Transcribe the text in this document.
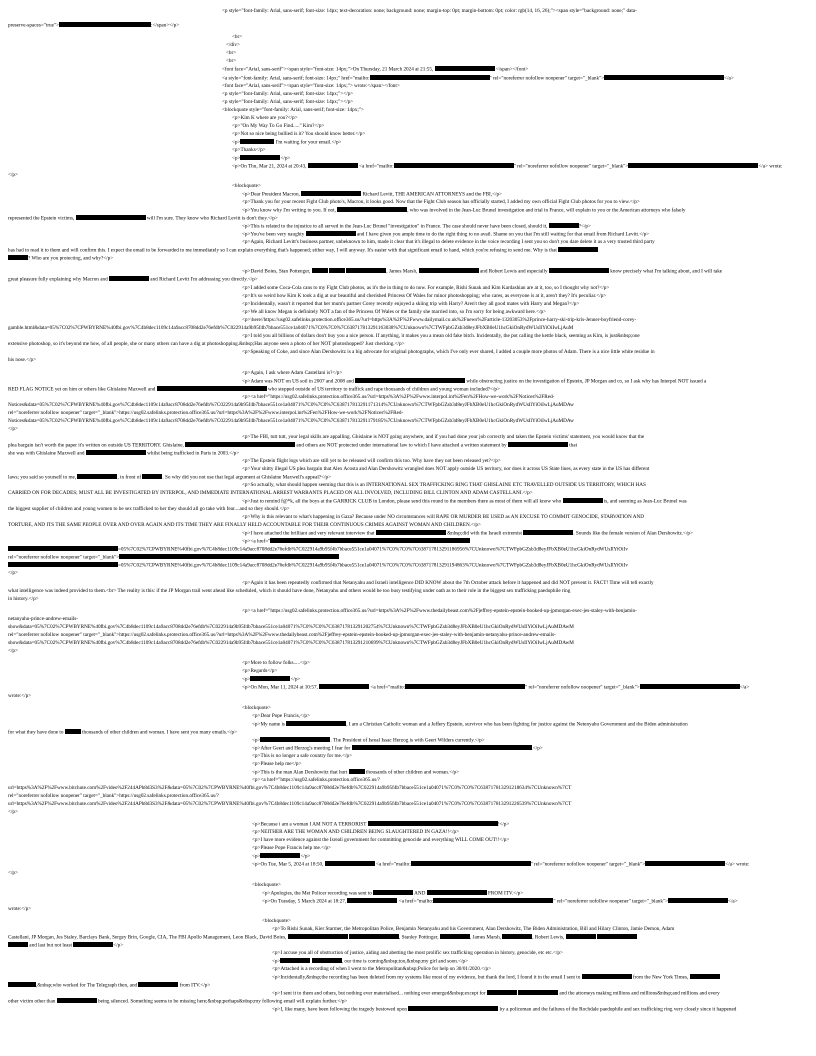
<p style="font-family: Arial, sans-serif; font-size: 14px; text-decoration: none; background: none; margin-top: 0pt; margin-bottom: 0pt; color: rgb(14, 16, 26);"><span style="background: none;" data-
preserve-spaces="true">	:</span></p>
<br>
</div>
<br>
<br>
<font face="Arial, sans-serif"><span style="font-size: 14px;">On Thursday, 21 March 2024 at 21:55,	</span></font>
<a style="font-family: Arial, sans-serif; font-size: 14px;" href="mailto:	" rel="noreferrer nofollow noopener" target="_blank">	</a>
<font face="Arial, sans-serif"><span style="font-size: 14px;"> wrote:</span></font>
<p style="font-family: Arial, sans-serif; font-size: 14px;"></p>
<p style="font-family: Arial, sans-serif; font-size: 14px;"></p>
<blockquote style="font-family: Arial, sans-serif; font-size: 14px;">
<p>Kim K where are you?</p>
<p>"On My Way To Go Find....." Kim?</p>
<p>Not so nice being bullied is it? You should know better.</p>
<p>	I'm waiting for your email.</p>
<p>Thanks</p>
<p>	</p>
<p>On Thu, Mar 21, 2024 at 20:43,	<a href="mailto:	" rel="noreferrer nofollow noopener" target="_blank">	</a> wrote:
</p>
<blockquote>
<p>Dear President Macron,	Richard Levitt, THE AMERICAN ATTORNEYS and the FBI,</p>
<p>Thank you for your recent Fight Club photo's, Macron, it looks good. Now that the Fight Club season has officially started, I added my own official Fight Club photos for you to view.</p>
<p>You know why I'm writing to you. If not,	, who was involved in the Jean-Luc Brunel investigation and trial in France, will explain to you or the American attorneys who falsely
represented the Epstein victims,	will I'm sure. They know who Richard Levitt is don't they.</p>
<p>This is related to the injustice to all served in the Jean-Luc Brunel "investigation" in France. The case should never have been closed, should it,	?</p>
<p>You've been very naughty	and I have given you ample time to do the right thing to no avail. Shame on you that I'm still waiting for that email from Richard Levitt.</p>
<p>Again, Richard Levitt's business partner, unbeknown to him, made it clear that it's illegal to delete evidence in the voice recording I sent you so don't you dare delete it as a very trusted third party
has had to read it to them and will confirm this. I expect the email to be forwarded to me immediately so I can explain everything that's happened; either way, I will anyway. It's easier with that significant email to hand, which you're refusing to send me. Why is that
? Who are you protecting, and why?</p>
<p>David Boies, Stan Pottenger,	, James Marsh,	and Robert Lewis and especially	know precisely what I'm talking about, and I will take
great pleasure fully explaining why Macron and	and Richard Levitt I'm addressing you directly.</p>
<p>I added some Coca-Cola cans to my Fight Club photos, as it's the in thing to do now. For example, Rishi Sunak and Kim Kardashian are at it, too, so I thought why not?</p>
<p>It's so weird how Kim K took a dig at our beautiful and cherished Princess Of Wales for minor photoshopping; who cares, as everyone is at it, aren't they? It's peculiar.</p>
<p>Incidentally, wasn't it reported that her mum's partner Corey recently enjoyed a skiing trip with Harry? Aren't they all good mates with Harry and Megan?</p>
<p>We all know Megan is definitely NOT a fan of the Princess Of Wales or the family she married into, so I'm sorry for being awkward here.</p>
<p>\here//https://usg02.safelinks.protection.office365.us/?url=https%3A%2F%2Fwww.dailymail.co.uk%2Fnews%2Farticle-13203053%2Fprince-harry-ski-trip-kris-Jenner-boyfriend-corey-
gamble.html&data=05%7C02%7CPWBYRNE%40fbi.gov%7C4b8dec1109c14a9acc8708dd2e76efdb%7C022914a9b95f4b7bbace551ce1a04071%7C0%7C0%7C638717813291163038%7CUnknown%7CTWFpbGZsb3d8eyJFbXB0eU1hcGkiOnRydWUsIlYiOiIwLjAuM
<p>I told you all billions of dollars don't buy you a nice person. If anything, it makes you a mean old fake bitch. Incidentally, the pot calling the kettle black, seeming as Kim, is just&nbsp;one
extensive photoshop, so it's beyond me how, of all people, she or many others can have a dig at photoshopping.&nbsp;Has anyone seen a photo of her NOT photoshopped? Just checking.</p>
<p>Speaking of Coke, and since Alan Dershowitz is a big advocate for original photographs, which I've only ever shared, I added a couple more photos of Adam. There is a nice little white residue in
his nose.</p>
<p>Again, I ask where Adam Castellani is?</p>
<p>Adam was NOT on US soil in 2007 and 2008 and	while obstructing justice on the investigation of Epstein, JP Morgan and co, so I ask why has Interpol NOT issued a
RED FLAG NOTICE yet on him or others like Ghislaine Maxwell and	who stepped outside of US territory to traffick and rape thousands of children and young woman included?</p>
<p><a href="https://usg02.safelinks.protection.office365.us/?url=https%3A%2F%2Fwww.interpol.int%2Fen%2FHow-we-work%2FNotices%2FRed-
Notices&data=05%7C02%7CPWBYRNE%40fbi.gov%7C4b8dec1109c14a9acc8708dd2e76efdb%7C022914a9b95f4b7bbace551ce1a04071%7C0%7C0%7C638717813291171314%7CUnknown%7CTWFpbGZsb3d8eyJFbXB0eU1hcGkiOnRydWUsIlYiOiIwLjAuMDAw
rel="noreferrer nofollow noopener" target="_blank">https://usg02.safelinks.protection.office365.us/?url=https%3A%2F%2Fwww.interpol.int%2Fen%2FHow-we-work%2FNotices%2FRed-
Notices&data=05%7C02%7CPWBYRNE%40fbi.gov%7C4b8dec1109c14a9acc8708dd2e76efdb%7C022914a9b95f4b7bbace551ce1a04071%7C0%7C0%7C638717813291179185%7CUnknown%7CTWFpbGZsb3d8eyJFbXB0eU1hcGkiOnRydWUsIlYiOiIwLjAuMDAw
</p>
<p>The FBI, tutt tutt, your legal skills are appalling. Ghislaine is NOT going anywhere, and if you had done your job correctly and taken the Epstein victims' statement, you would know that the
plea bargain isn't worth the paper it's written on outside US TERRITORY. Ghislaine,	and others are NOT protected under international law to which I have attached a written statement by	that
she was with Ghislaine Maxwell and	whilst being trafficked in Paris in 2003.</p>
<p>The Epstein flight logs which are still yet to be released will confirm this too. Why have they not been released yet?</p>
<p>Your shitty illegal US plea bargain that Alex Acosta and Alan Dershowitz wrangled does NOT apply outside US territory, nor does it across US State lines, as every state in the US has different
laws; you said so yourself to me,	, in front of	. So why did you not use that legal argument at Ghislaine Maxwell's appeal?</p>
<p>So actually, what should happen seeming that this is an INTERNATIONAL SEX TRAFFICKING RING THAT GHISLAINE ETC TRAVELLED OUTSIDE US TERRITORY, WHICH HAS
CARRIED ON FOR DECADES; MUST ALL BE INVESTIGATED BY INTERPOL, AND IMMEDIATE INTERNATIONAL ARREST WARRANTS PLACED ON ALL INVOLVED, INCLUDING BILL CLINTON AND ADAM CASTELLANI.</p>
<p>Just to remind f@*k, all the boys at the GARRICK CLUB in London, please send this round to the members there as most of them will all know who	is, and seeming as Jean-Luc Brunel was
the biggest supplier of children and young women to be sex trafficked to her they should all go take with fear....and so they should.</p>
<p>Why is this relevant to what's happening in Gaza? Because under NO circumstances will RAPE OR MURDER BE USED as AN EXCUSE TO COMMIT GENOCIDE, STARVATION AND
TORTURE, AND ITS THE SAME PEOPLE OVER AND OVER AGAIN AND ITS TIME THEY ARE FINALLY HELD ACCOUNTABLE FOR THEIR CONTINUOUS CRIMES AGAINST WOMAN AND CHILDREN.</p>
<p>I have attached the brilliant and very relevant interview that	&nbsp;did with the Israeli extremist	. Sounds like the female version of Alan Dershowitz.</p>
<p><a href="
=05%7C02%7CPWBYRNE%40fbi.gov%7C4b8dec1109c14a9acc8708dd2e76efdb%7C022914a9b95f4b7bbace551ce1a04071%7C0%7C0%7C638717813291186956%7CUnknown%7CTWFpbGZsb3d8eyJFbXB0eU1hcGkiOnRydWUsIlYiOiIv
rel="noreferrer nofollow noopener" target="_blank">
=05%7C02%7CPWBYRNE%40fbi.gov%7C4b8dec1109c14a9acc8708dd2e76efdb%7C022914a9b95f4b7bbace551ce1a04071%7C0%7C0%7C638717813291194863%7CUnknown%7CTWFpbGZsb3d8eyJFbXB0eU1hcGkiOnRydWUsIlYiOiIv
</p>
<p>Again it has been repeatedly confirmed that Netanyahu and Israeli intelligence DID KNOW about the 7th October attack before it happened and did NOT prevent it. FACT! Time will tell exactly
what intelligence was indeed provided to them.<br> The reality is this: if the JP Morgan trail went ahead like scheduled, which it should have done, Netanyahu and others would be too busy testifying under oath as to their role in the biggest sex trafficking paedophile ring
in history.</p>
<p><a href="https://usg02.safelinks.protection.office365.us/?url=https%3A%2F%2Fwww.thedailybeast.com%2Fjeffrey-epstein-epstein-booked-up-jpmorgan-exec-jes-staley-with-benjamin-
netanyahu-prince-andrew-emails-
show&data=05%7C02%7CPWBYRNE%40fbi.gov%7C4b8dec1109c14a9acc8708dd2e76efdb%7C022914a9b95f4b7bbace551ce1a04071%7C0%7C0%7C638717813291202754%7CUnknown%7CTWFpbGZsb3d8eyJFbXB0eU1hcGkiOnRydWUsIlYiOiIwLjAuMDAwM
rel="noreferrer nofollow noopener" target="_blank">https://usg02.safelinks.protection.office365.us/?url=https%3A%2F%2Fwww.thedailybeast.com%2Fjeffrey-epstein-epstein-booked-up-jpmorgan-exec-jes-staley-with-benjamin-netanyahu-prince-andrew-emails-
show&data=05%7C02%7CPWBYRNE%40fbi.gov%7C4b8dec1109c14a9acc8708dd2e76efdb%7C022914a9b95f4b7bbace551ce1a04071%7C0%7C0%7C638717813291210699%7CUnknown%7CTWFpbGZsb3d8eyJFbXB0eU1hcGkiOnRydWUsIlYiOiIwLjAuMDAwM
</p>
<p>More to follow folks.....</p>
<p>Regards</p>
<p>	</p>
<p>On Mon, Mar 11, 2024 at 10:57,	<a href="mailto:	" rel="noreferrer nofollow noopener" target="_blank">	</a>
wrote:</p>
<blockquote>
<p>Dear Pope Francis,</p>
<p>My name is	, I am a Christian Catholic woman and a Jeffery Epstein, survivor who has been fighting for justice against the Netenyahu Government and the Biden administration
for what they have done to	thousands of other children and woman. I have sent you many emails.</p>
<p>	. The President of Isreal Issac Herzog is with Geert Wilders currently.</p>
<p>After Geert and Herzog's meeting I fear for	.</p>
<p>This is no longer a safe country for me.</p>
<p>Please help me</p>
<p>This is the man Alan Dershowitz that hurt	thousands of other children and woman.</p>
<p><a href="https://usg02.safelinks.protection.office365.us/?
url=https%3A%2F%2Fwww.bitchute.com%2Fvideo%2F244APh8d3S3%2F&data=05%7C02%7CPWBYRNE%40fbi.gov%7C4b8dec1109c14a9acc8708dd2e76efdb%7C022914a9b95f4b7bbace551ce1a04071%7C0%7C0%7C638717813291218634%7CUnknown%7CT
rel="noreferrer nofollow noopener" target="_blank">https://usg02.safelinks.protection.office365.us/?
url=https%3A%2F%2Fwww.bitchute.com%2Fvideo%2F244APh8d3S3%2F&data=05%7C02%7CPWBYRNE%40fbi.gov%7C4b8dec1109c14a9acc8708dd2e76efdb%7C022914a9b95f4b7bbace551ce1a04071%7C0%7C0%7C638717813291226539%7CUnknown%7CT
</p>
<p>Because i am a woman I AM NOT A TERRORIST	!</p>
<p>NEITHER ARE THE WOMAN AND CHILDREN BEING SLAUGHTERED IN GAZA!!</p>
<p>I have more evidence against the Isreali government for committing genocide and everything WILL COME OUT!!</p>
<p>Please Pope Francis help me.</p>
<p>	</p>
<p>On Tue, Mar 5, 2024 at 18:50,	<a href="mailto:	" rel="noreferrer nofollow noopener" target="_blank">	</a> wrote:
</p>
<blockquote>
<p>Apologies, the Met Policer recording was sent to	AND	FROM ITV.</p>
<p>On Tuesday, 5 March 2024 at 18:27,	<a href="mailto:	" rel="noreferrer nofollow noopener" target="_blank">	</a>
wrote:</p>
<blockquote>
<p>To Rishi Sunak, Kier Starmer, the Metropolitan Police, Benjamin Netanyahu and his Government, Alan Dershowitz, The Biden Administration, Bill and Hilary Clinton, Jamie Demon, Adam
Castellani, JP Morgan, Jes Staley, Barclays Bank, Sergey Brin, Google, CIA, The FBI Apollo Management, Leon Black, David Boies,	, Stanley Pottinger,	, James Marsh,	, Robert Lewis,
and last but not least	</p>
<p>I accuse you all of obstruction of justice, aiding and abetting the most prolific sex trafficking operation in history, genocide, etc etc.</p>
<p>	, our time is coming&nbsp;too,&nbsp;my girl and soon.</p>
<p>Attached is a recording of when I went to the Metropolitan&nbsp;Police for help on 30/01/2020.</p>
<p>Incidentally,&nbsp;the recording has been deleted from my systems like most of my evidence, but thank the lord, I found it in the email I sent to	from the New York Times,
,&nbsp;who worked for The Telegraph then, and	from ITV.</p>
<p>I sent it to them and others, but nothing ever materialised... nothing ever emerged&nbsp;except for	and the attorneys making millions and millions&nbsp;and millions and every
other victim other than	being silenced. Something seems to be missing here;&nbsp;perhaps&nbsp;my following email will explain further.</p>
<p>I, like many, have been following the tragedy bestowed upon	by a policeman and the failures of the Rochdale paedophile and sex trafficking ring very closely since it happened
